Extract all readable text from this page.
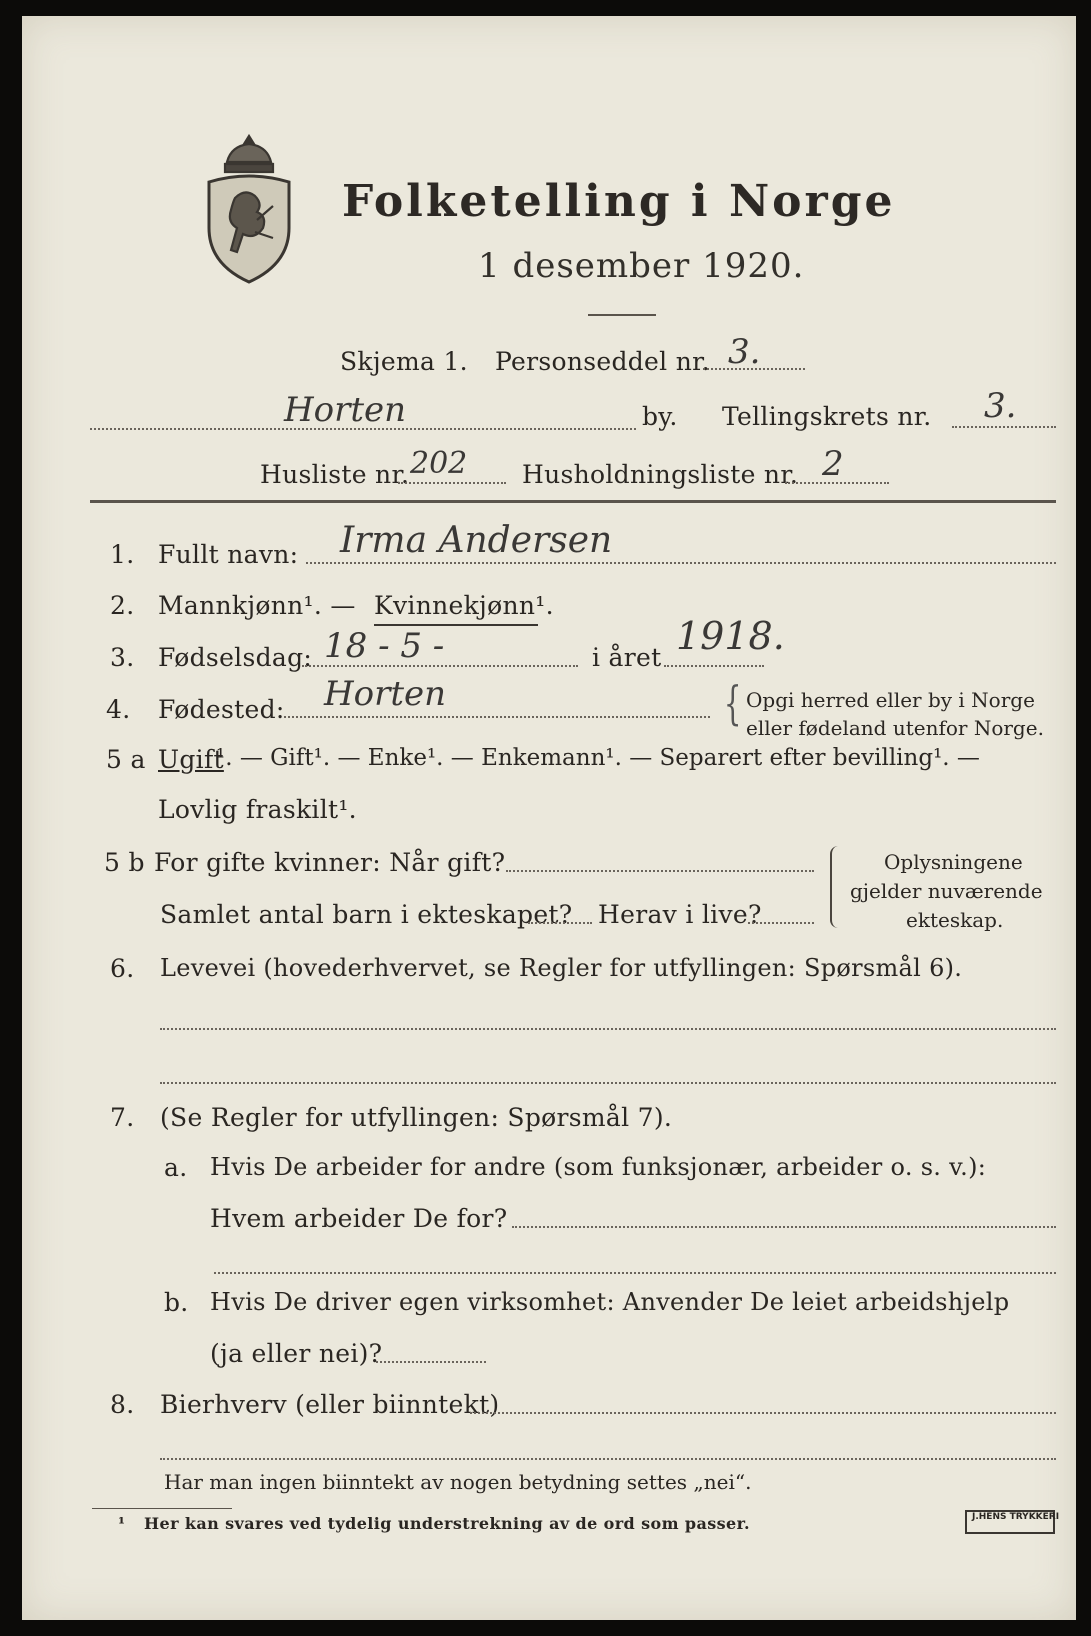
Folketelling i Norge
1 desember 1920.
Skjema 1. Personseddel nr. 3.
Horten	by. Tellingskrets nr. 3.
Husliste nr. 202 Husholdningsliste nr. 2
1. Fullt navn: Irma Andersen
2. Mannkjønn¹. — Kvinnekjønn¹.
3. Fødselsdag: 18 - 5 -	i året 1918.
4. Fødested: Horten	{ Opgi herred eller by i Norge
eller fødeland utenfor Norge.
5 a Ugift
¹. — Gift¹. — Enke¹. — Enkemann¹. — Separert efter bevilling¹. —
Lovlig fraskilt¹.
5 b For gifte kvinner: Når gift?
Samlet antal barn i ekteskapet? Herav i live?
Oplysningene
gjelder nuværende
ekteskap.
6. Levevei (hovederhvervet, se Regler for utfyllingen: Spørsmål 6).
7. (Se Regler for utfyllingen: Spørsmål 7).
a. Hvis De arbeider for andre (som funksjonær, arbeider o. s. v.):
Hvem arbeider De for?
b. Hvis De driver egen virksomhet: Anvender De leiet arbeidshjelp
(ja eller nei)?
8. Bierhverv (eller biinntekt)
Har man ingen biinntekt av nogen betydning settes „nei“.
¹ Her kan svares ved tydelig understrekning av de ord som passer.	J.HENS TRYKKERI
